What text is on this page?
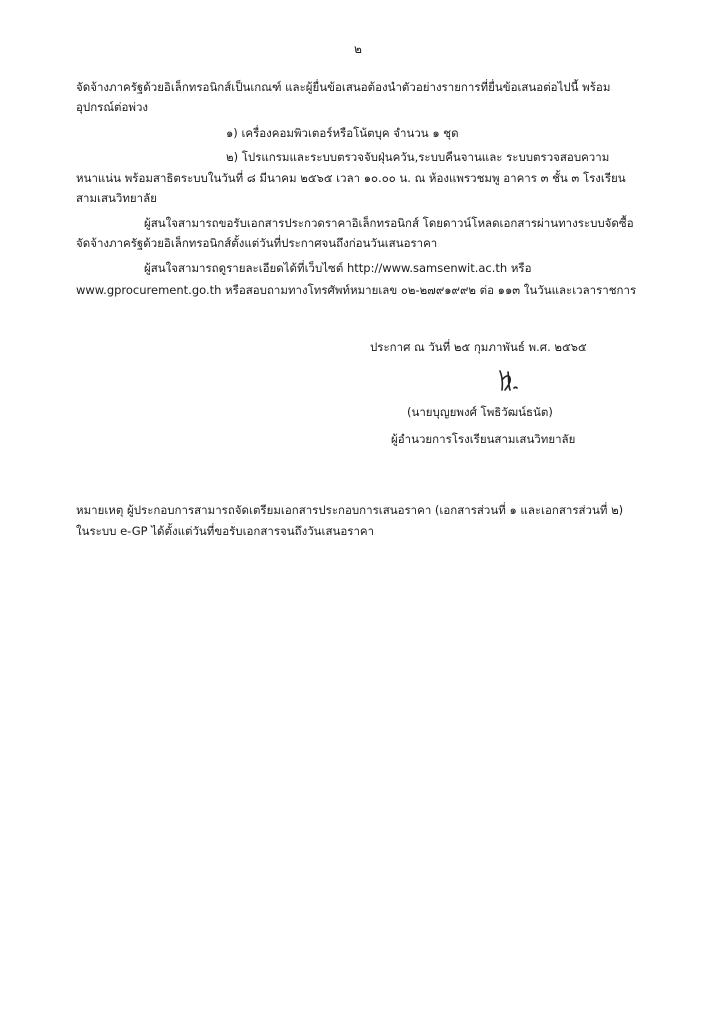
๒
จัดจ้างภาครัฐด้วยอิเล็กทรอนิกส์เป็นเกณฑ์ และผู้ยื่นข้อเสนอต้องนำตัวอย่างรายการที่ยื่นข้อเสนอต่อไปนี้ พร้อม
อุปกรณ์ต่อพ่วง
๑) เครื่องคอมพิวเตอร์หรือโน้ตบุค จำนวน ๑ ชุด
๒) โปรแกรมและระบบตรวจจับฝุ่นควัน,ระบบคืนจานและ ระบบตรวจสอบความ
หนาแน่น พร้อมสาธิตระบบในวันที่ ๘ มีนาคม ๒๕๖๕ เวลา ๑๐.๐๐ น. ณ ห้องแพรวชมพู อาคาร ๓ ชั้น ๓ โรงเรียน
สามเสนวิทยาลัย
ผู้สนใจสามารถขอรับเอกสารประกวดราคาอิเล็กทรอนิกส์ โดยดาวน์โหลดเอกสารผ่านทางระบบจัดซื้อ
จัดจ้างภาครัฐด้วยอิเล็กทรอนิกส์ตั้งแต่วันที่ประกาศจนถึงก่อนวันเสนอราคา
ผู้สนใจสามารถดูรายละเอียดได้ที่เว็บไซต์ http://www.samsenwit.ac.th หรือ
www.gprocurement.go.th หรือสอบถามทางโทรศัพท์หมายเลข ๐๒-๒๗๙๑๙๙๒ ต่อ ๑๑๓ ในวันและเวลาราชการ
ประกาศ ณ วันที่ ๒๕ กุมภาพันธ์ พ.ศ. ๒๕๖๕
(นายบุญยพงศ์ โพธิวัฒน์ธนัต)
ผู้อำนวยการโรงเรียนสามเสนวิทยาลัย
หมายเหตุ ผู้ประกอบการสามารถจัดเตรียมเอกสารประกอบการเสนอราคา (เอกสารส่วนที่ ๑ และเอกสารส่วนที่ ๒)
ในระบบ e-GP ได้ตั้งแต่วันที่ขอรับเอกสารจนถึงวันเสนอราคา
